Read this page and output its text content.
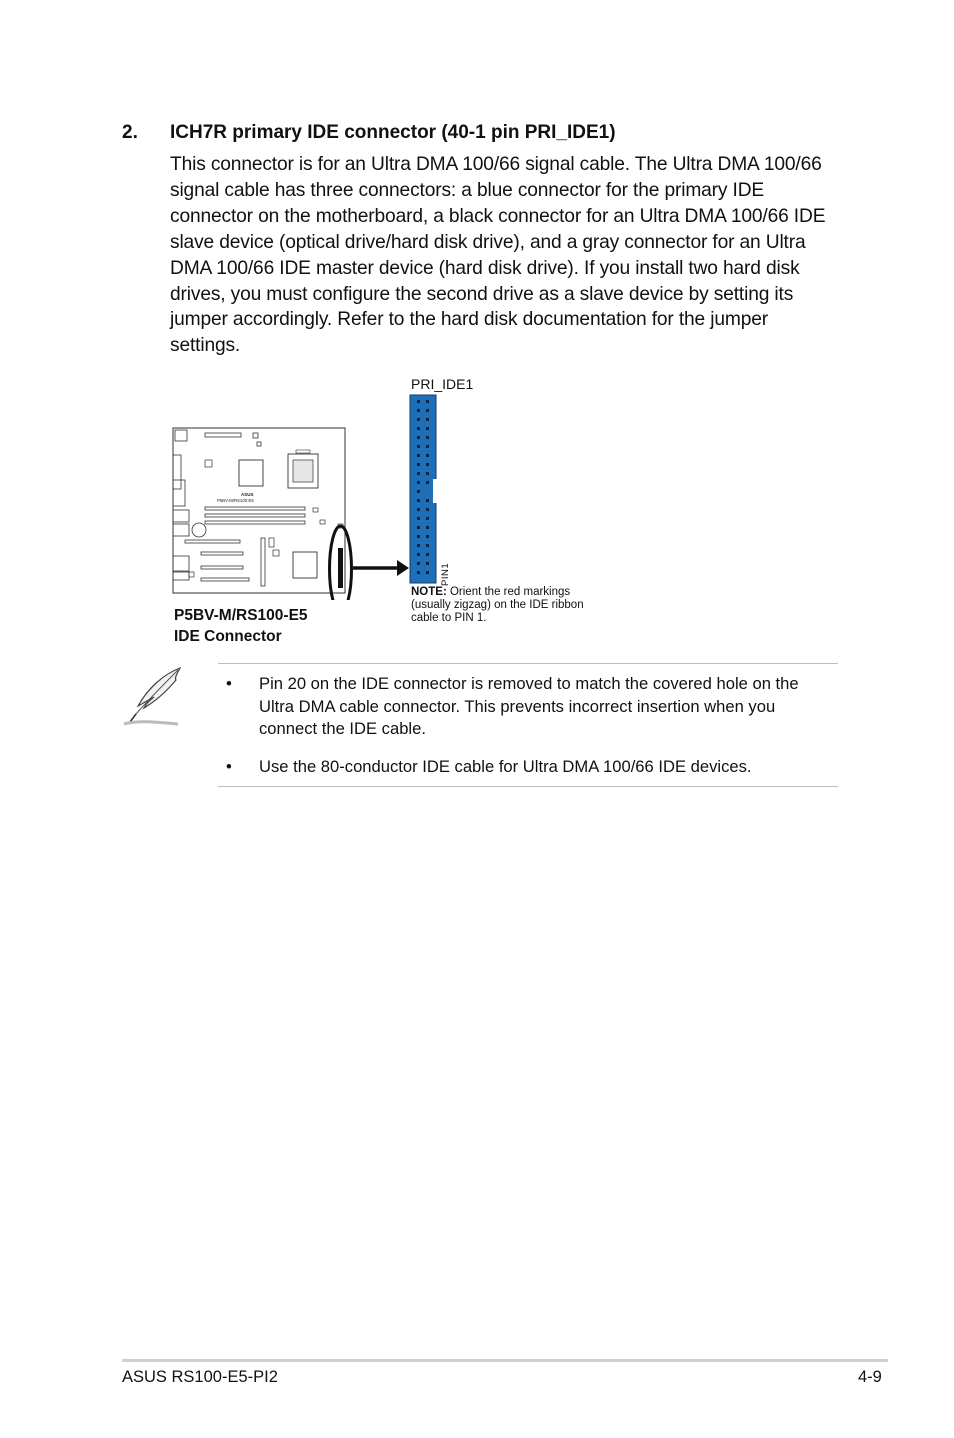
2. ICH7R primary IDE connector (40-1 pin PRI_IDE1)
This connector is for an Ultra DMA 100/66 signal cable. The Ultra DMA 100/66 signal cable has three connectors: a blue connector for the primary IDE connector on the motherboard, a black connector for an Ultra DMA 100/66 IDE slave device (optical drive/hard disk drive), and a gray connector for an Ultra DMA 100/66 IDE master device (hard disk drive). If you install two hard disk drives, you must configure the second drive as a slave device by setting its jumper accordingly. Refer to the hard disk documentation for the jumper settings.
PRI_IDE1
PIN1
NOTE: Orient the red markings (usually zigzag) on the IDE ribbon cable to PIN 1.
ASUS
P5BV-M/RS100-E5
P5BV-M/RS100-E5
IDE Connector
• Pin 20 on the IDE connector is removed to match the covered hole on the Ultra DMA cable connector. This prevents incorrect insertion when you connect the IDE cable.
• Use the 80-conductor IDE cable for Ultra DMA 100/66 IDE devices.
ASUS RS100-E5-PI2	4-9
